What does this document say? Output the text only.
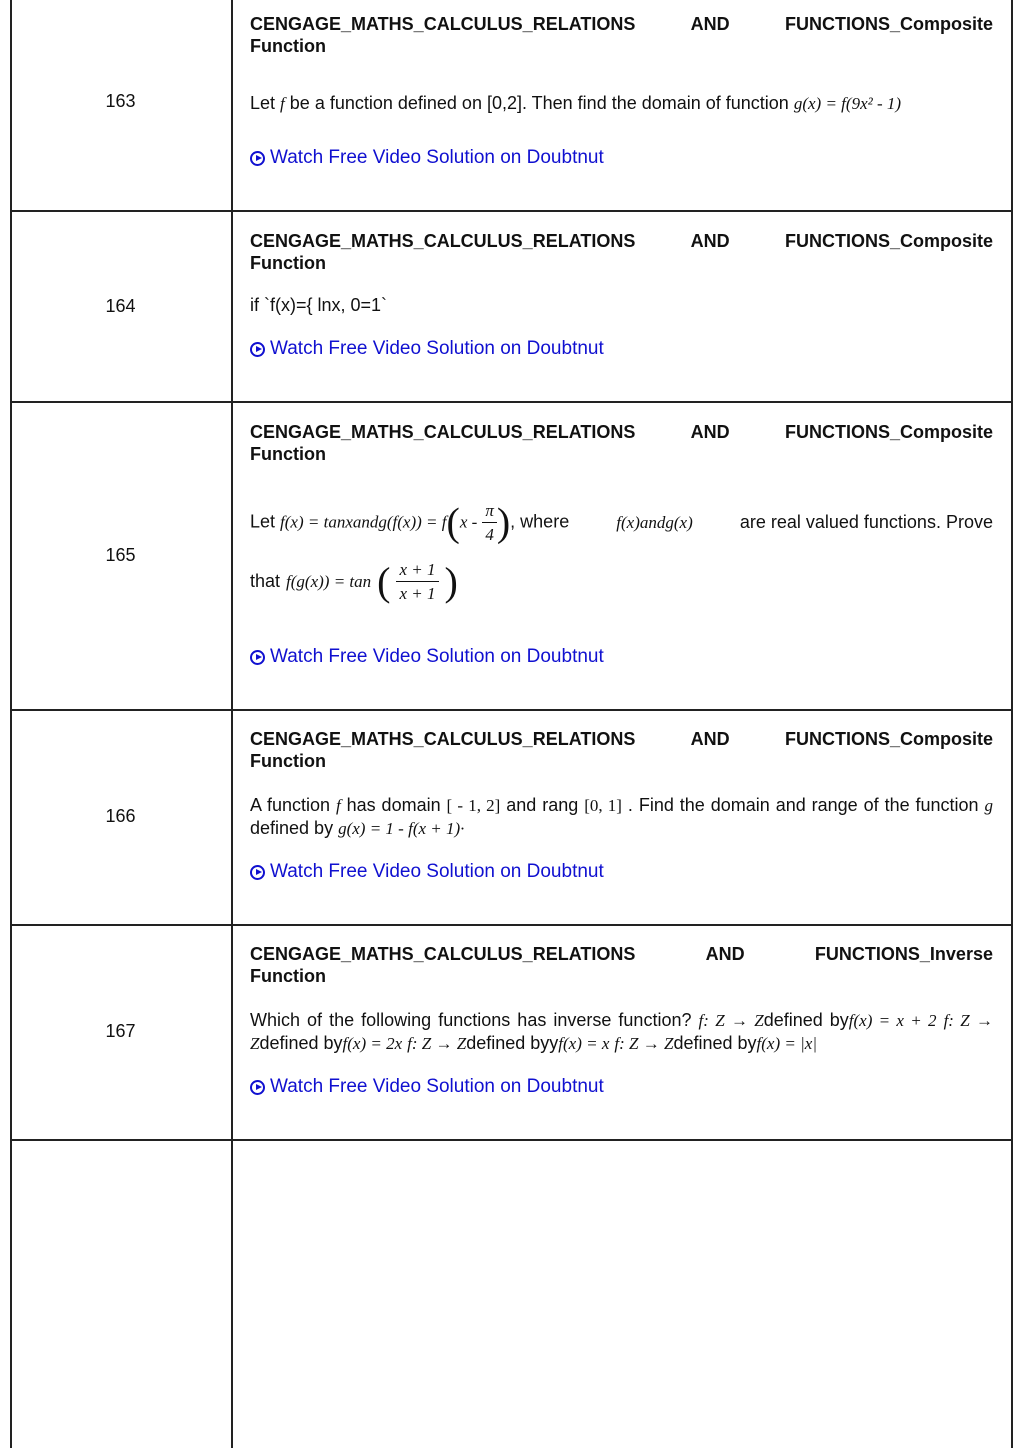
163
CENGAGE_MATHS_CALCULUS_RELATIONS	AND	FUNCTIONS_Composite
Function
Let f be a function defined on [0,2]. Then find the domain of function g(x) = f(9x² - 1)
Watch Free Video Solution on Doubtnut
164
CENGAGE_MATHS_CALCULUS_RELATIONS	AND	FUNCTIONS_Composite
Function
if `f(x)={ lnx, 0=1`
Watch Free Video Solution on Doubtnut
165
CENGAGE_MATHS_CALCULUS_RELATIONS	AND	FUNCTIONS_Composite
Function
Let f(x) = tanxandg(f(x)) = $f(x - \frac{\pi}{4}$ ), where	f(x)andg(x)	are real valued functions. Prove
that f(g(x)) = tan ( $\frac{x + 1}{x + 1}$ )
Watch Free Video Solution on Doubtnut
166
CENGAGE_MATHS_CALCULUS_RELATIONS	AND	FUNCTIONS_Composite
Function
A function f has domain [ - 1, 2] and rang [0, 1] . Find the domain and range of the function g defined by g(x) = 1 - f(x + 1)·
Watch Free Video Solution on Doubtnut
167
CENGAGE_MATHS_CALCULUS_RELATIONS	AND	FUNCTIONS_Inverse
Function
Which of the following functions has inverse function? f: Z → Zdefined byf(x) = x + 2 f: Z → Zdefined byf(x) = 2x f: Z → Zdefined byyf(x) = x f: Z → Zdefined byf(x) = |x|
Watch Free Video Solution on Doubtnut
